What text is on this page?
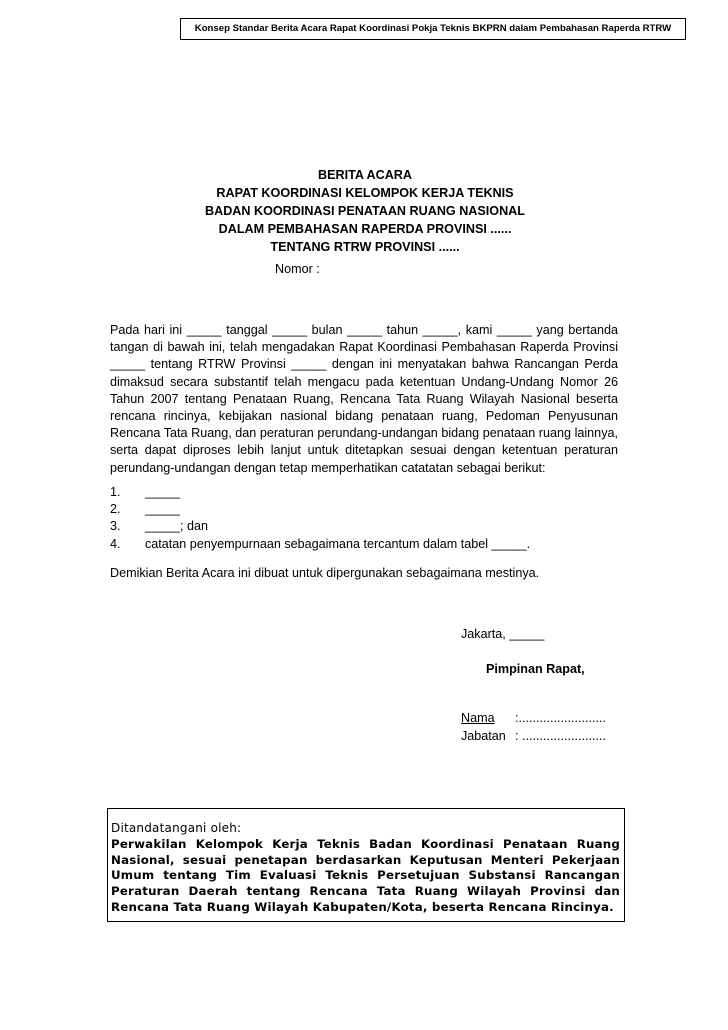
Konsep Standar Berita Acara Rapat Koordinasi Pokja Teknis BKPRN dalam Pembahasan Raperda RTRW
BERITA ACARA
RAPAT KOORDINASI KELOMPOK KERJA TEKNIS
BADAN KOORDINASI PENATAAN RUANG NASIONAL
DALAM PEMBAHASAN RAPERDA PROVINSI ......
TENTANG RTRW PROVINSI ......
Nomor :
Pada hari ini _____ tanggal _____ bulan _____ tahun _____, kami _____ yang bertanda tangan di bawah ini, telah mengadakan Rapat Koordinasi Pembahasan Raperda Provinsi _____ tentang RTRW Provinsi _____ dengan ini menyatakan bahwa Rancangan Perda dimaksud secara substantif telah mengacu pada ketentuan Undang-Undang Nomor 26 Tahun 2007 tentang Penataan Ruang, Rencana Tata Ruang Wilayah Nasional beserta rencana rincinya, kebijakan nasional bidang penataan ruang, Pedoman Penyusunan Rencana Tata Ruang, dan peraturan perundang-undangan bidang penataan ruang lainnya, serta dapat diproses lebih lanjut untuk ditetapkan sesuai dengan ketentuan peraturan perundang-undangan dengan tetap memperhatikan catatatan sebagai berikut:
1.	_____
2.	_____
3.	_____; dan
4.	catatan penyempurnaan sebagaimana tercantum dalam tabel _____.
Demikian Berita Acara ini dibuat untuk dipergunakan sebagaimana mestinya.
Jakarta, _____
Pimpinan Rapat,
Nama	:.........................
Jabatan : ........................
Ditandatangani oleh:
Perwakilan Kelompok Kerja Teknis Badan Koordinasi Penataan Ruang Nasional, sesuai penetapan berdasarkan Keputusan Menteri Pekerjaan Umum tentang Tim Evaluasi Teknis Persetujuan Substansi Rancangan Peraturan Daerah tentang Rencana Tata Ruang Wilayah Provinsi dan Rencana Tata Ruang Wilayah Kabupaten/Kota, beserta Rencana Rincinya.
